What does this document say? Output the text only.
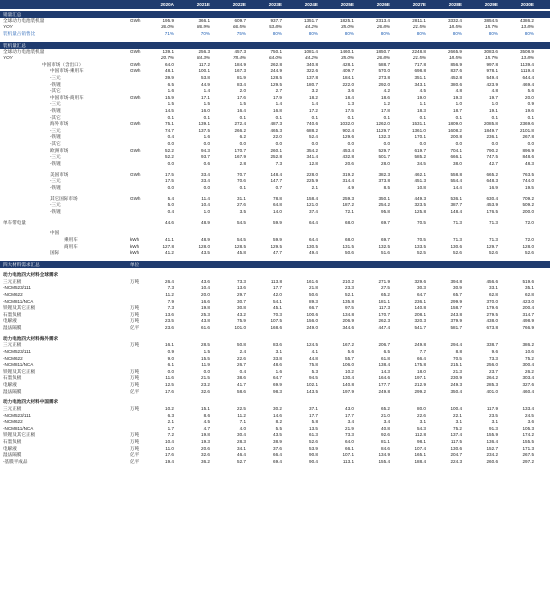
2020A	2021E	2022E	2023E	2024E	2025E	2026E	2027E	2028E	2029E	2030E
销量汇总
全球动力电池装机量	GWh	195.9	366.1	609.7	937.7	1351.7	1825.1	2313.4	2811.1	3332.4	3854.5	4386.2
YOY	36.0%	86.9%	66.5%	53.8%	44.2%	35.0%	26.8%	21.5%	18.5%	15.7%	13.8%
装机量占销售比	71%	70%	75%	80%	80%	80%	80%	80%	80%	80%	80%
装机量汇总
全球动力电池装机量	GWh	139.1	256.3	457.3	750.1	1081.4	1460.1	1850.7	2248.8	2665.9	3083.6	3508.9
YOY	20.7%	84.3%	78.4%	64.0%	44.2%	35.0%	26.8%	21.5%	18.5%	15.7%	13.8%
中国市场（含出口）	GWh	64.0	117.2	184.9	262.8	340.8	428.1	588.7	717.8	856.9	997.8	1139.4
中国市场-乘用车	GWh	48.1	100.1	167.3	244.9	322.6	409.7	570.0	698.8	837.6	978.1	1119.4
-三元	39.9	53.8	81.9	128.5	137.8	184.1	273.8	351.1	452.8	549.4	644.4
-铁锂	6.5	44.9	83.4	129.5	180.7	222.0	292.0	343.1	380.6	423.9	469.4
-其它	1.6	1.4	2.0	2.7	3.2	3.6	4.2	4.5	4.8	4.8	5.6
中国市场-商用车	GWh	15.9	17.1	17.6	17.9	18.2	18.4	18.6	19.0	19.3	19.7	20.0
-三元	1.5	1.5	1.5	1.4	1.4	1.3	1.2	1.1	1.0	1.0	0.9
-铁锂	14.5	16.0	16.4	16.8	17.2	17.5	17.8	18.3	18.7	19.1	19.6
-其它	0.1	0.1	0.1	0.1	0.1	0.1	0.1	0.1	0.1	0.1	0.1
海外市场	GWh	75.1	139.1	272.4	487.3	740.6	1032.0	1262.0	1531.1	1809.0	2085.8	2369.6
-三元	74.7	137.5	266.2	465.3	688.2	902.4	1129.7	1361.0	1608.2	1849.7	2101.8
-铁锂	0.4	1.6	6.2	22.0	52.4	129.6	132.3	170.1	200.8	236.1	267.8
-其它	0.0	0.0	0.0	0.0	0.0	0.0	0.0	0.0	0.0	0.0	0.0
欧洲市场	GWh	52.2	94.3	170.7	260.1	354.2	453.4	529.7	619.7	704.1	790.2	896.9
-三元	52.2	93.7	167.9	252.8	341.4	432.8	501.7	585.2	666.1	747.5	848.6
-铁锂	0.0	0.6	2.8	7.3	12.8	20.6	28.0	34.5	38.0	42.7	48.3
美国市场	GWh	17.5	33.4	70.7	148.4	228.0	319.2	382.3	462.1	558.8	665.2	763.5
-三元	17.5	33.4	70.6	147.7	225.9	314.4	373.8	451.3	554.4	648.3	744.0
-铁锂	0.0	0.0	0.1	0.7	2.1	4.9	8.5	10.8	14.4	16.9	19.5
其它国际市场	GWh	5.4	11.4	31.1	78.8	158.4	259.3	350.1	449.3	536.1	630.4	709.2
-三元	5.0	10.4	27.6	64.8	121.0	187.2	254.2	323.5	387.7	453.9	509.2
-铁锂	0.4	1.0	3.5	14.0	37.4	72.1	95.8	125.8	148.4	176.5	200.0
单车带电量	44.6	48.9	54.5	59.9	64.4	68.0	69.7	70.5	71.3	71.3	72.0
中国
乘用车	kWh	41.1	48.9	54.5	59.9	64.4	68.0	69.7	70.5	71.3	71.3	72.0
商用车	kWh	127.8	128.0	128.5	129.5	130.5	131.5	132.5	133.5	130.6	129.7	128.0
国际	kWh	41.2	43.5	45.8	47.7	49.4	50.6	51.6	52.5	52.6	52.6	52.6
四大材料需求汇总	单位
动力电池四大材料全球需求
三元正极	万吨	26.4	43.6	73.3	113.8	161.6	210.2	271.9	329.6	394.8	456.6	519.6
-NCM523/111	7.3	10.4	13.6	17.7	21.8	23.3	27.5	30.3	30.9	33.1	35.1
-NCM622	11.2	20.0	29.7	42.0	50.6	52.1	65.2	64.7	65.7	62.8	62.8
-NCM811/NCA	7.9	16.6	30.7	54.1	89.3	135.8	181.1	236.1	299.9	370.0	423.0
铁锂及其它正极	万吨	7.3	19.8	30.8	45.1	66.7	97.5	117.3	140.8	158.7	179.6	200.4
石墨负极	万吨	13.6	25.3	43.2	70.3	100.6	134.8	170.7	208.1	243.8	279.5	314.7
电解液	万吨	23.5	43.8	75.9	107.5	156.0	206.9	262.3	320.3	379.9	438.0	498.9
湿法隔膜	亿平	23.6	61.6	101.0	168.6	249.0	344.6	447.4	541.7	581.7	673.8	766.9
动力电池四大材料海外需求
三元正极	万吨	16.1	28.5	50.8	83.6	124.5	167.2	206.7	249.8	294.4	338.7	386.2
-NCM523/111	0.9	1.5	2.4	3.1	4.1	5.6	6.5	7.7	8.8	9.6	10.6
-NCM622	9.0	15.5	22.6	33.8	44.8	55.7	61.8	66.4	70.5	73.3	75.2
-NCM811/NCA	6.1	11.9	26.7	48.6	75.8	106.0	138.4	175.8	215.1	256.0	300.4
铁锂及其它正极	万吨	0.0	0.0	0.4	1.6	5.3	10.2	14.3	18.0	21.3	23.7	26.2
石墨负极	万吨	11.6	21.5	38.6	64.7	94.5	130.4	164.6	197.1	230.9	264.2	303.4
电解液	万吨	12.5	23.2	41.7	69.9	102.1	140.8	177.7	212.9	249.3	285.3	327.6
湿法隔膜	亿平	17.6	32.6	58.6	98.3	143.5	197.9	249.8	299.2	350.4	401.0	460.4
动力电池四大材料中国需求
三元正极	万吨	10.2	15.1	22.5	30.2	37.1	43.0	65.2	80.0	100.4	117.9	133.4
-NCM523/111	6.3	8.6	11.2	14.6	17.7	17.7	21.0	22.6	22.1	23.5	24.5
-NCM622	2.1	4.5	7.1	8.2	5.8	3.4	3.4	3.1	3.1	3.1	3.6
-NCM811/NCA	1.7	4.7	4.0	5.5	13.5	21.9	40.8	54.3	75.2	91.3	105.3
铁锂及其它正极	万吨	7.2	19.8	30.4	43.5	61.3	73.3	92.6	112.8	137.4	155.9	174.2
石墨负极	万吨	10.4	19.3	28.3	38.9	52.6	64.0	81.1	98.1	117.5	136.4	155.5
电解液	万吨	11.0	20.6	34.1	37.6	53.9	66.1	84.6	107.4	130.6	152.7	171.3
湿法隔膜	亿平	17.6	32.6	46.4	66.4	90.8	107.1	134.9	165.1	204.7	234.2	267.5
-基膜平成品	亿平	19.4	36.2	52.7	69.4	90.4	113.1	155.4	188.4	224.3	260.6	297.2
